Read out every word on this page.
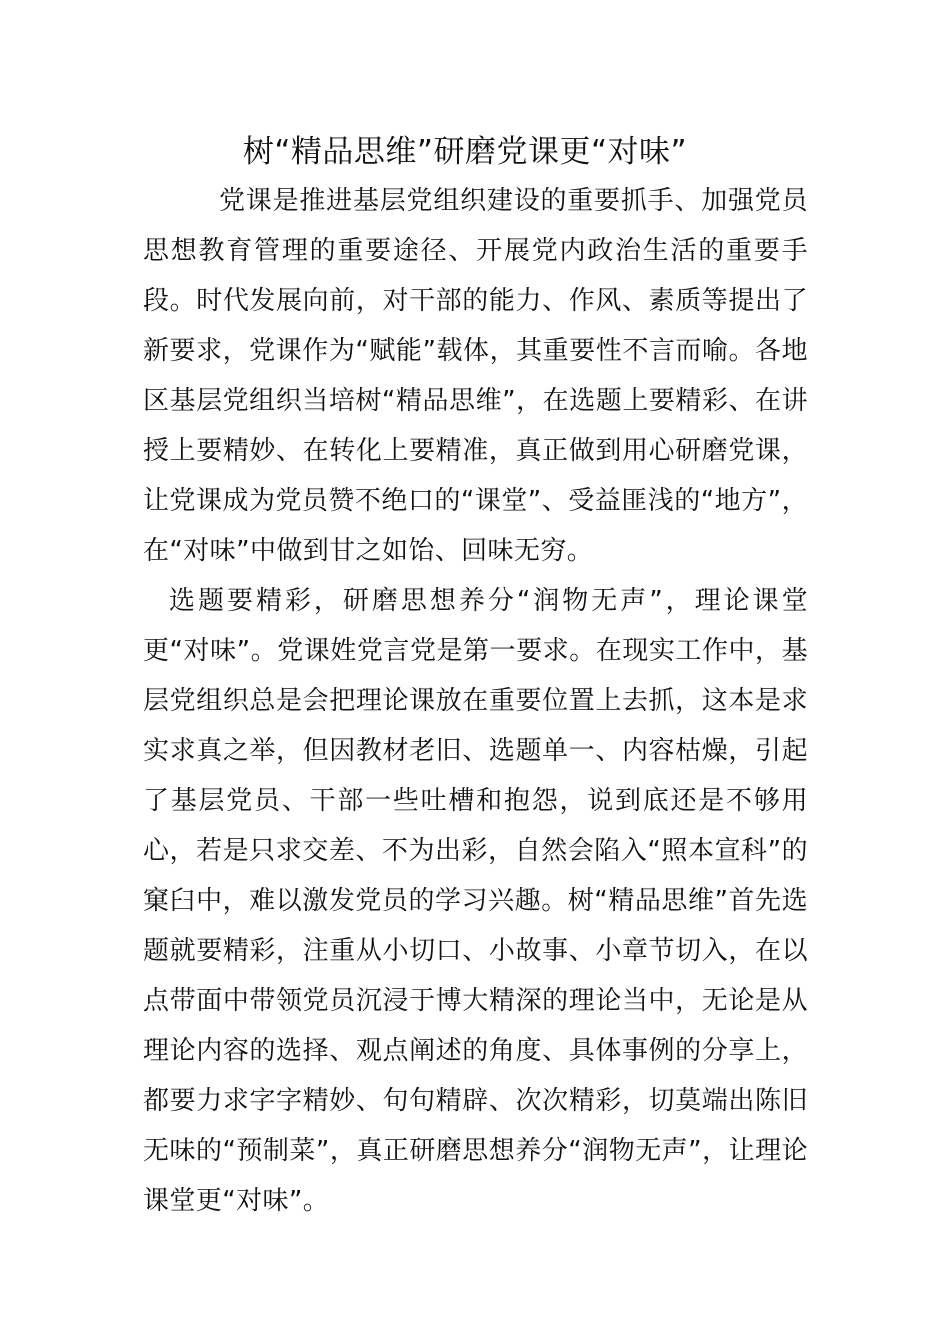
树“精品思维”研磨党课更“对味”

党课是推进基层党组织建设的重要抓手、加强党员思想教育管理的重要途径、开展党内政治生活的重要手段。时代发展向前，对干部的能力、作风、素质等提出了新要求，党课作为“赋能”载体，其重要性不言而喻。各地区基层党组织当培树“精品思维”，在选题上要精彩、在讲授上要精妙、在转化上要精准，真正做到用心研磨党课，让党课成为党员赞不绝口的“课堂”、受益匪浅的“地方”，在“对味”中做到甘之如饴、回味无穷。

选题要精彩，研磨思想养分“润物无声”，理论课堂更“对味”。党课姓党言党是第一要求。在现实工作中，基层党组织总是会把理论课放在重要位置上去抓，这本是求实求真之举，但因教材老旧、选题单一、内容枯燥，引起了基层党员、干部一些吐槽和抱怨，说到底还是不够用心，若是只求交差、不为出彩，自然会陷入“照本宣科”的窠臼中，难以激发党员的学习兴趣。树“精品思维”首先选题就要精彩，注重从小切口、小故事、小章节切入，在以点带面中带领党员沉浸于博大精深的理论当中，无论是从理论内容的选择、观点阐述的角度、具体事例的分享上，都要力求字字精妙、句句精辟、次次精彩，切莫端出陈旧无味的“预制菜”，真正研磨思想养分“润物无声”，让理论课堂更“对味”。
